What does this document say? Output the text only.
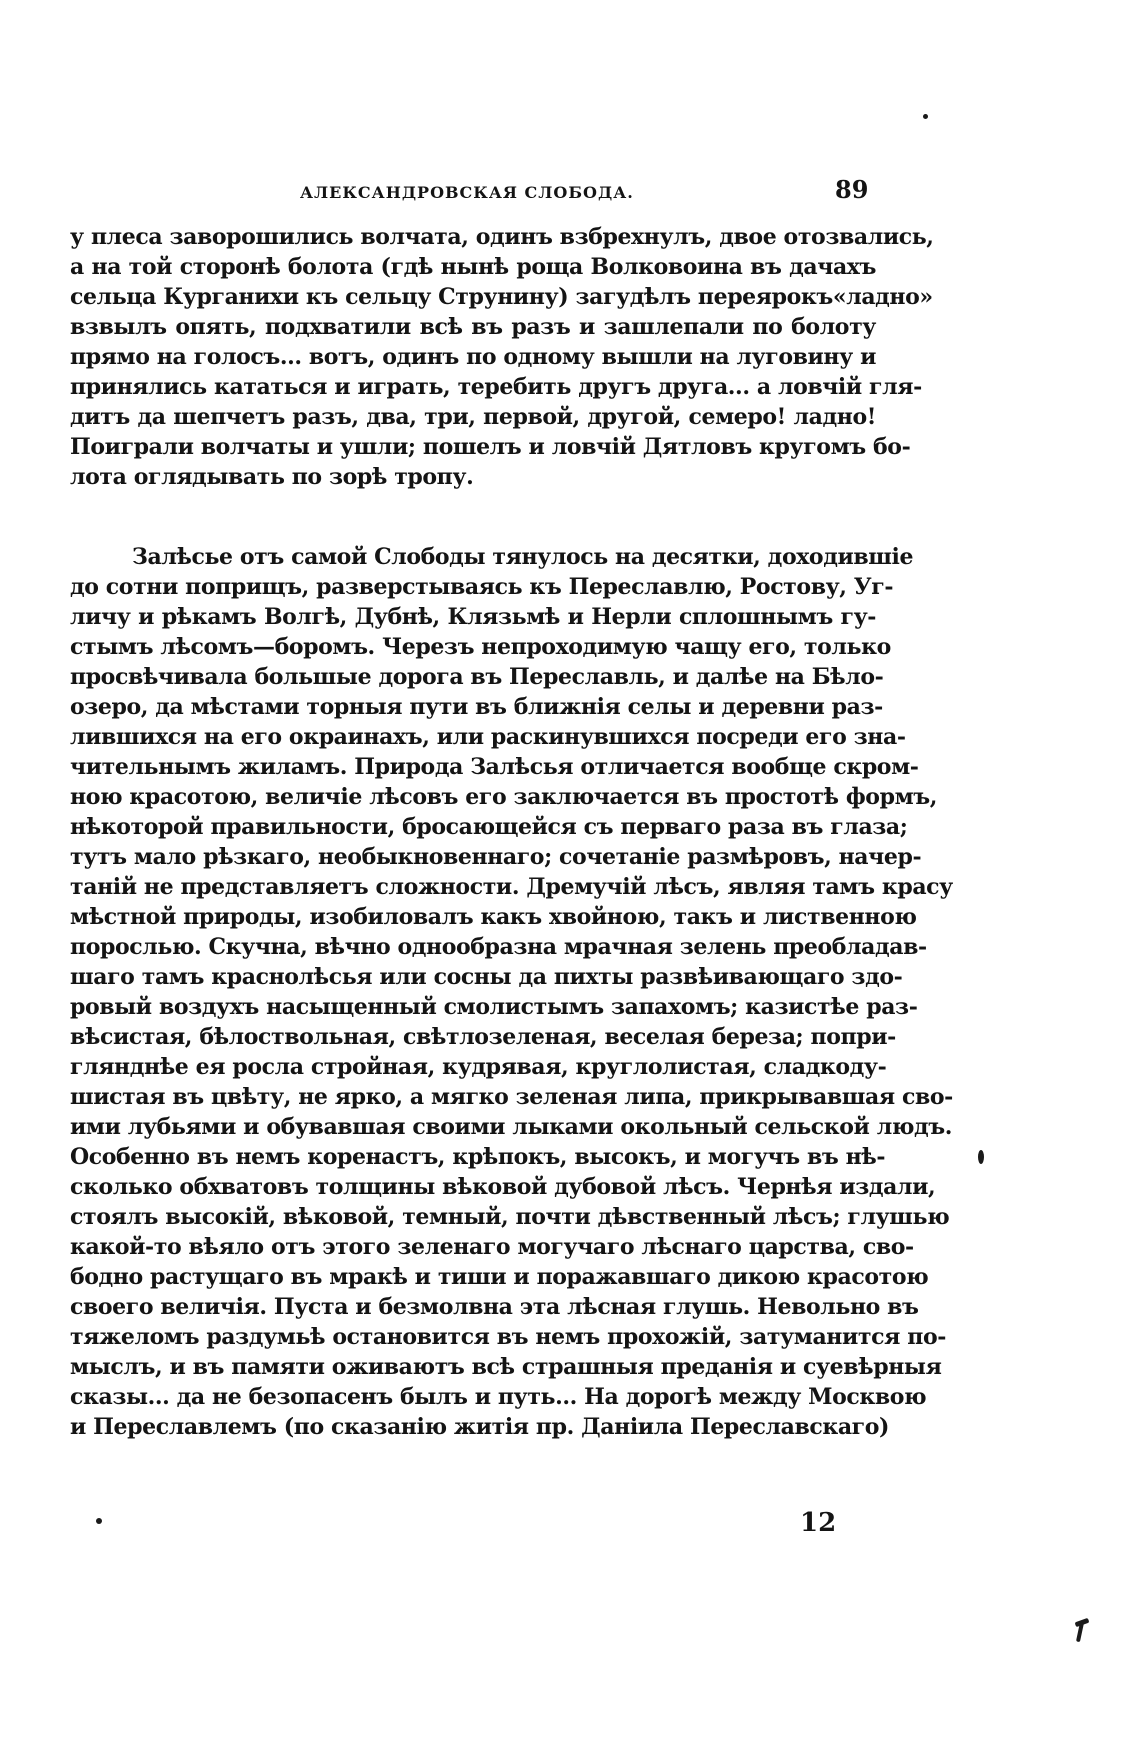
АЛЕКСАНДРОВСКАЯ СЛОБОДА.	89
у плеса заворошились волчата, одинъ взбрехнулъ, двое отозвались,
а на той сторонѣ болота (гдѣ нынѣ роща Волковоина въ дачахъ
сельца Курганихи къ сельцу Струнину) загудѣлъ переярокъ«ладно»
взвылъ опять, подхватили всѣ въ разъ и зашлепали по болоту
прямо на голосъ... вотъ, одинъ по одному вышли на луговину и
принялись кататься и играть, теребить другъ друга... а ловчій гля-
дитъ да шепчетъ разъ, два, три, первой, другой, семеро! ладно!
Поиграли волчаты и ушли; пошелъ и ловчій Дятловъ кругомъ бо-
лота оглядывать по зорѣ тропу.
Залѣсье отъ самой Слободы тянулось на десятки, доходившіе
до сотни поприщъ, разверстываясь къ Переславлю, Ростову, Уг-
личу и рѣкамъ Волгѣ, Дубнѣ, Клязьмѣ и Нерли сплошнымъ гу-
стымъ лѣсомъ—боромъ. Черезъ непроходимую чащу его, только
просвѣчивала большые дорога въ Переславль, и далѣе на Бѣло-
озеро, да мѣстами торныя пути въ ближнія селы и деревни раз-
лившихся на его окраинахъ, или раскинувшихся посреди его зна-
чительнымъ жиламъ. Природа Залѣсья отличается вообще скром-
ною красотою, величіе лѣсовъ его заключается въ простотѣ формъ,
нѣкоторой правильности, бросающейся съ перваго раза въ глаза;
тутъ мало рѣзкаго, необыкновеннаго; сочетаніе размѣровъ, начер-
таній не представляетъ сложности. Дремучій лѣсъ, являя тамъ красу
мѣстной природы, изобиловалъ какъ хвойною, такъ и лиственною
порослью. Скучна, вѣчно однообразна мрачная зелень преобладав-
шаго тамъ краснолѣсья или сосны да пихты развѣивающаго здо-
ровый воздухъ насыщенный смолистымъ запахомъ; казистѣе раз-
вѣсистая, бѣлоствольная, свѣтлозеленая, веселая береза; попри-
глянднѣе ея росла стройная, кудрявая, круглолистая, сладкоду-
шистая въ цвѣту, не ярко, а мягко зеленая липа, прикрывавшая сво-
ими лубьями и обувавшая своими лыками окольный сельской людъ.
Особенно въ немъ коренастъ, крѣпокъ, высокъ, и могучъ въ нѣ-
сколько обхватовъ толщины вѣковой дубовой лѣсъ. Чернѣя издали,
стоялъ высокій, вѣковой, темный, почти дѣвственный лѣсъ; глушью
какой-то вѣяло отъ этого зеленаго могучаго лѣснаго царства, сво-
бодно растущаго въ мракѣ и тиши и поражавшаго дикою красотою
своего величія. Пуста и безмолвна эта лѣсная глушь. Невольно въ
тяжеломъ раздумьѣ остановится въ немъ прохожій, затуманится по-
мыслъ, и въ памяти оживаютъ всѣ страшныя преданія и суевѣрныя
сказы... да не безопасенъ былъ и путь... На дорогѣ между Москвою
и Переславлемъ (по сказанію житія пр. Даніила Переславскаго)
12
